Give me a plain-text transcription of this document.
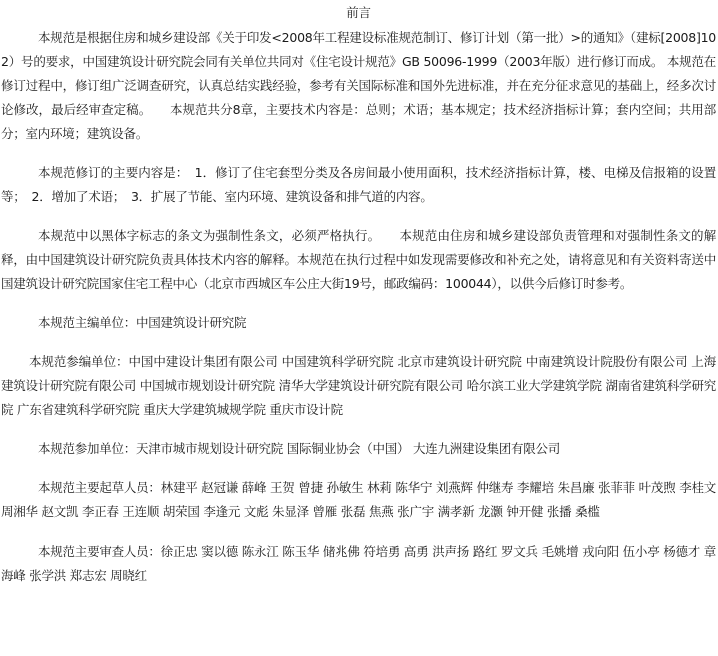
前言

本规范是根据住房和城乡建设部《关于印发<2008年工程建设标准规范制订、修订计划（第一批）>的通知》（建标[2008]102）号的要求，中国建筑设计研究院会同有关单位共同对《住宅设计规范》GB 50096-1999（2003年版）进行修订而成。 本规范在修订过程中，修订组广泛调查研究，认真总结实践经验，参考有关国际标准和国外先进标准，并在充分征求意见的基础上，经多次讨论修改，最后经审查定稿。　　本规范共分8章，主要技术内容是：总则；术语；基本规定；技术经济指标计算；套内空间；共用部分；室内环境；建筑设备。

本规范修订的主要内容是：　1．修订了住宅套型分类及各房间最小使用面积，技术经济指标计算，楼、电梯及信报箱的设置等；　2．增加了术语；　3．扩展了节能、室内环境、建筑设备和排气道的内容。

本规范中以黑体字标志的条文为强制性条文，必须严格执行。　　本规范由住房和城乡建设部负责管理和对强制性条文的解释，由中国建筑设计研究院负责具体技术内容的解释。本规范在执行过程中如发现需要修改和补充之处，请将意见和有关资料寄送中国建筑设计研究院国家住宅工程中心（北京市西城区车公庄大街19号，邮政编码：100044），以供今后修订时参考。

本规范主编单位：中国建筑设计研究院

本规范参编单位：中国中建设计集团有限公司 中国建筑科学研究院 北京市建筑设计研究院 中南建筑设计院股份有限公司 上海建筑设计研究院有限公司 中国城市规划设计研究院 清华大学建筑设计研究院有限公司 哈尔滨工业大学建筑学院 湖南省建筑科学研究院 广东省建筑科学研究院 重庆大学建筑城规学院 重庆市设计院

本规范参加单位：天津市城市规划设计研究院 国际铜业协会（中国） 大连九洲建设集团有限公司

本规范主要起草人员：林建平 赵冠谦 薛峰 王贺 曾捷 孙敏生 林莉 陈华宁 刘燕辉 仲继寿 李耀培 朱昌廉 张菲菲 叶茂煦 李桂文 周湘华 赵文凯 李正春 王连顺 胡荣国 李逢元 文彪 朱显泽 曾雁 张磊 焦燕 张广宇 满孝新 龙灏 钟开健 张播 桑槛

本规范主要审查人员：徐正忠 窦以德 陈永江 陈玉华 储兆佛 符培勇 高勇 洪声扬 路红 罗文兵 毛姚增 戎向阳 伍小亭 杨德才 章海峰 张学洪 郑志宏 周晓红
